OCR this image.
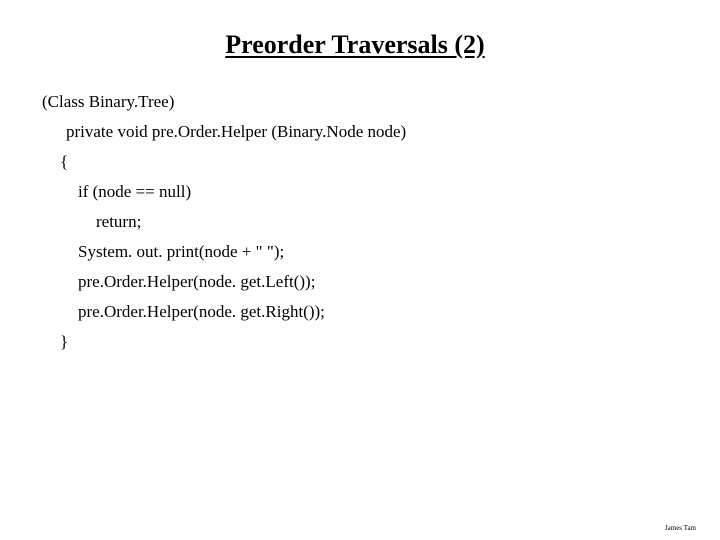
Preorder Traversals (2)
(Class Binary.Tree)
private void pre.Order.Helper (Binary.Node node)
{
if (node == null)
return;
System. out. print(node + " ");
pre.Order.Helper(node. get.Left());
pre.Order.Helper(node. get.Right());
}
James Tam
